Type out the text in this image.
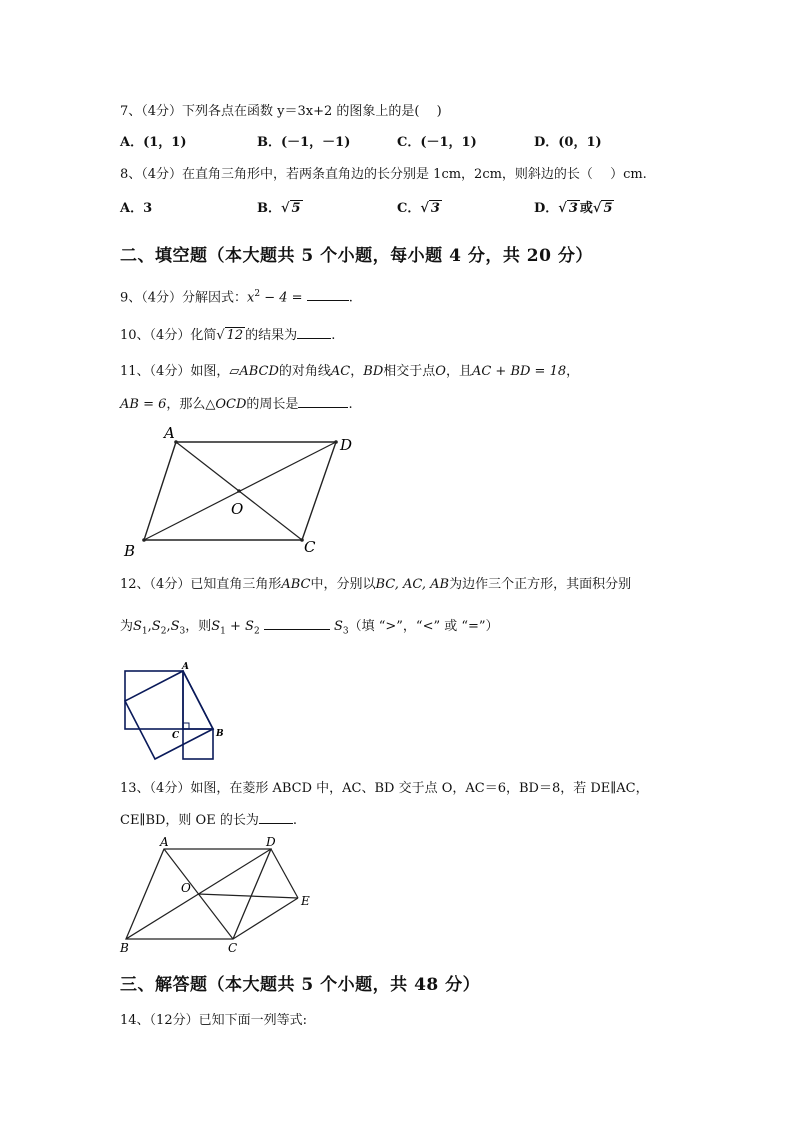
7、（4分）下列各点在函数 y＝3x+2 的图象上的是(　 )
A．(1，1)	B．(－1，－1)	C．(－1，1)	D．(0，1)
8、（4分）在直角三角形中，若两条直角边的长分别是 1cm，2cm，则斜边的长（　 ）cm.
A．3	B．√ 5	C．√ 3	D．√ 3 或√ 5
二、填空题（本大题共 5 个小题，每小题 4 分，共 20 分）
9、（4分）分解因式：$x^2 - 4$ =	.
10、（4分）化简√ 12 的结果为	.
11、（4分）如图，▱ABCD的对角线AC，BD相交于点O，且AC + BD = 18，
AB = 6，那么△OCD的周长是	.
A
D
C
B
O
12、（4分）已知直角三角形ABC中，分别以BC, AC, AB为边作三个正方形，其面积分别
为$S_1,S_2,S_3$，则$S_1 + S_2$	$S_3$（填 “>”，“<” 或 “=”）
A
C	B
13、（4分）如图，在菱形 ABCD 中，AC、BD 交于点 O，AC＝6，BD＝8，若 DE∥AC，
CE∥BD，则 OE 的长为	.
A	D
E
C
B
O
三、解答题（本大题共 5 个小题，共 48 分）
14、（12分）已知下面一列等式:
